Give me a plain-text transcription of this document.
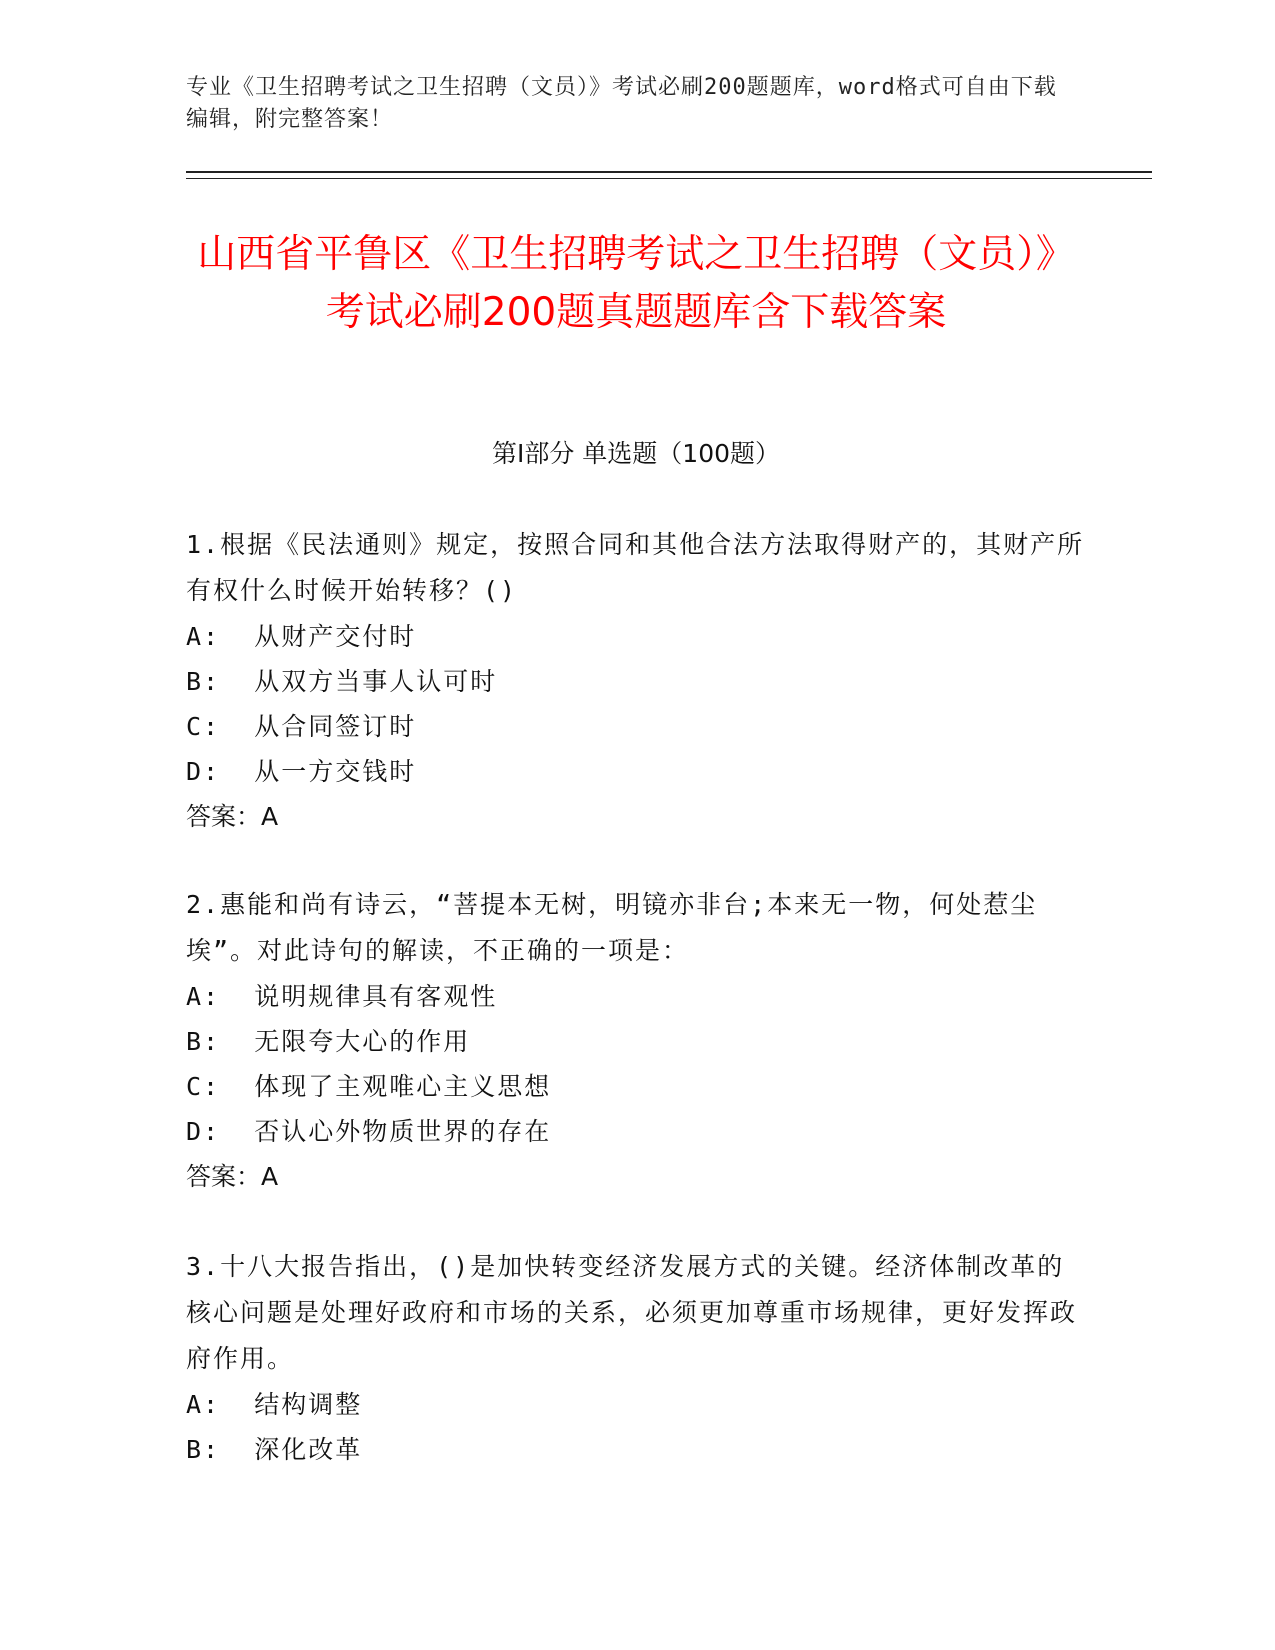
专业《卫生招聘考试之卫生招聘（文员）》考试必刷200题题库，word格式可自由下载编辑，附完整答案！
山西省平鲁区《卫生招聘考试之卫生招聘（文员）》考试必刷200题真题题库含下载答案
第I部分 单选题（100题）
1.根据《民法通则》规定，按照合同和其他合法方法取得财产的，其财产所有权什么时候开始转移？()
A:  从财产交付时
B:  从双方当事人认可时
C:  从合同签订时
D:  从一方交钱时
答案：A
2.惠能和尚有诗云，“菩提本无树，明镜亦非台;本来无一物，何处惹尘埃”。对此诗句的解读，不正确的一项是：
A:  说明规律具有客观性
B:  无限夸大心的作用
C:  体现了主观唯心主义思想
D:  否认心外物质世界的存在
答案：A
3.十八大报告指出，()是加快转变经济发展方式的关键。经济体制改革的核心问题是处理好政府和市场的关系，必须更加尊重市场规律，更好发挥政府作用。
A:  结构调整
B:  深化改革
